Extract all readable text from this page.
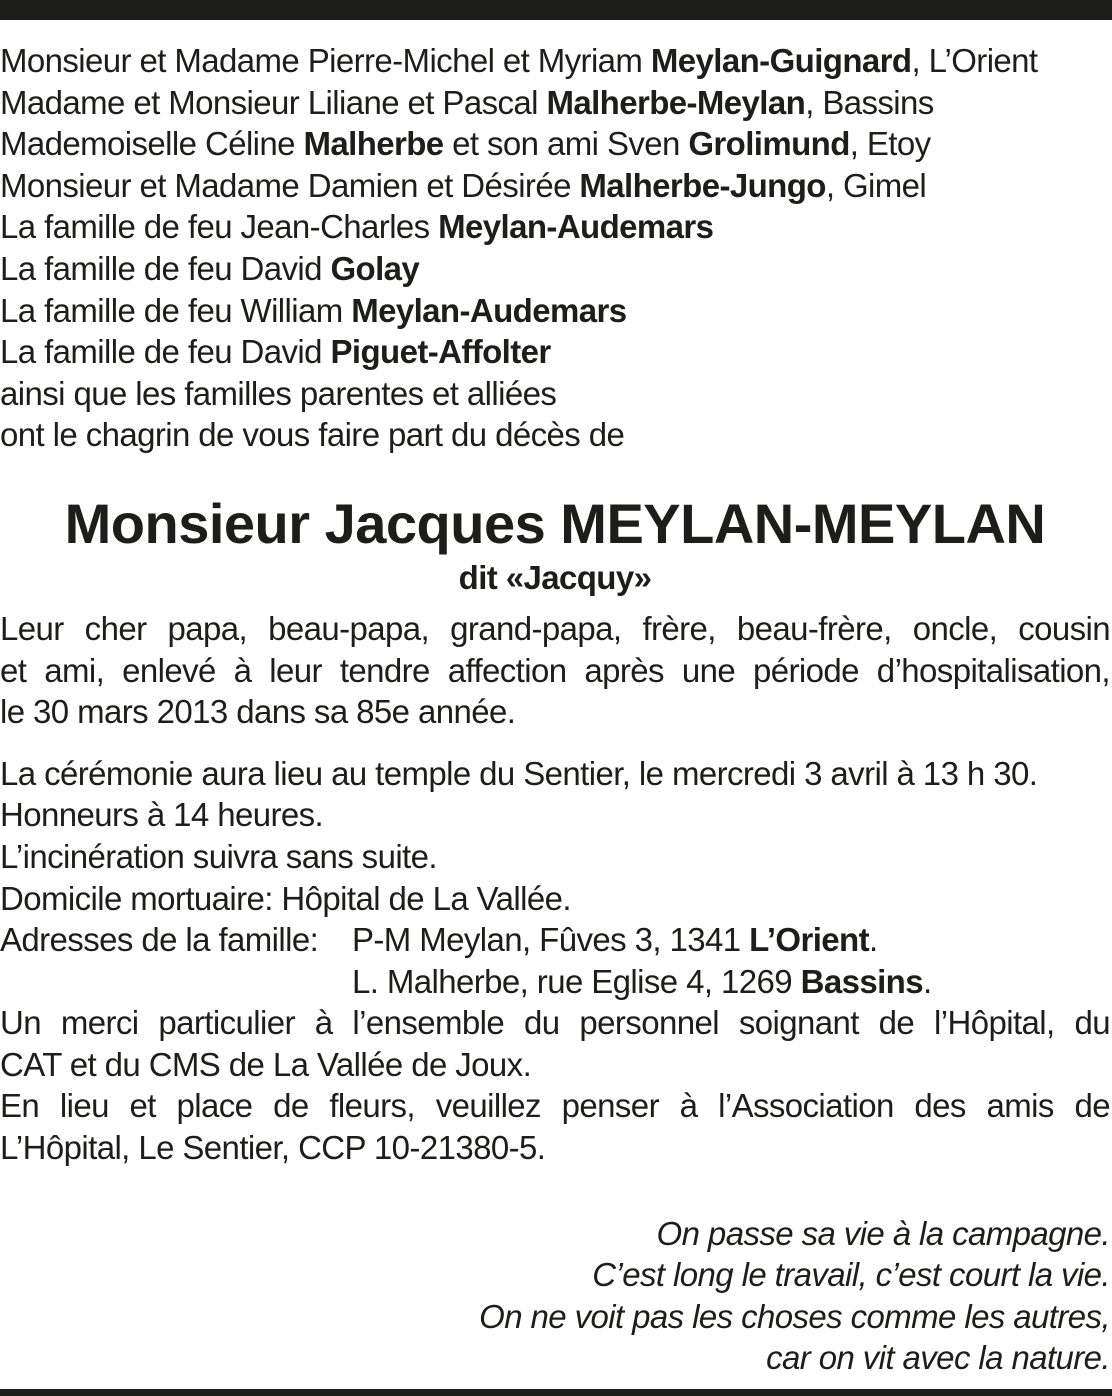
Monsieur et Madame Pierre-Michel et Myriam Meylan-Guignard, L’Orient
Madame et Monsieur Liliane et Pascal Malherbe-Meylan, Bassins
Mademoiselle Céline Malherbe et son ami Sven Grolimund, Etoy
Monsieur et Madame Damien et Désirée Malherbe-Jungo, Gimel
La famille de feu Jean-Charles Meylan-Audemars
La famille de feu David Golay
La famille de feu William Meylan-Audemars
La famille de feu David Piguet-Affolter
ainsi que les familles parentes et alliées
ont le chagrin de vous faire part du décès de
Monsieur Jacques MEYLAN-MEYLAN
dit «Jacquy»
Leur cher papa, beau-papa, grand-papa, frère, beau-frère, oncle, cousin
et ami, enlevé à leur tendre affection après une période d’hospitalisation,
le 30 mars 2013 dans sa 85e année.
La cérémonie aura lieu au temple du Sentier, le mercredi 3 avril à 13 h 30.
Honneurs à 14 heures.
L’incinération suivra sans suite.
Domicile mortuaire: Hôpital de La Vallée.
Adresses de la famille:	P-M Meylan, Fûves 3, 1341 L’Orient.
L. Malherbe, rue Eglise 4, 1269 Bassins.
Un merci particulier à l’ensemble du personnel soignant de l’Hôpital, du
CAT et du CMS de La Vallée de Joux.
En lieu et place de fleurs, veuillez penser à l’Association des amis de
L’Hôpital, Le Sentier, CCP 10-21380-5.
On passe sa vie à la campagne.
C’est long le travail, c’est court la vie.
On ne voit pas les choses comme les autres,
car on vit avec la nature.
